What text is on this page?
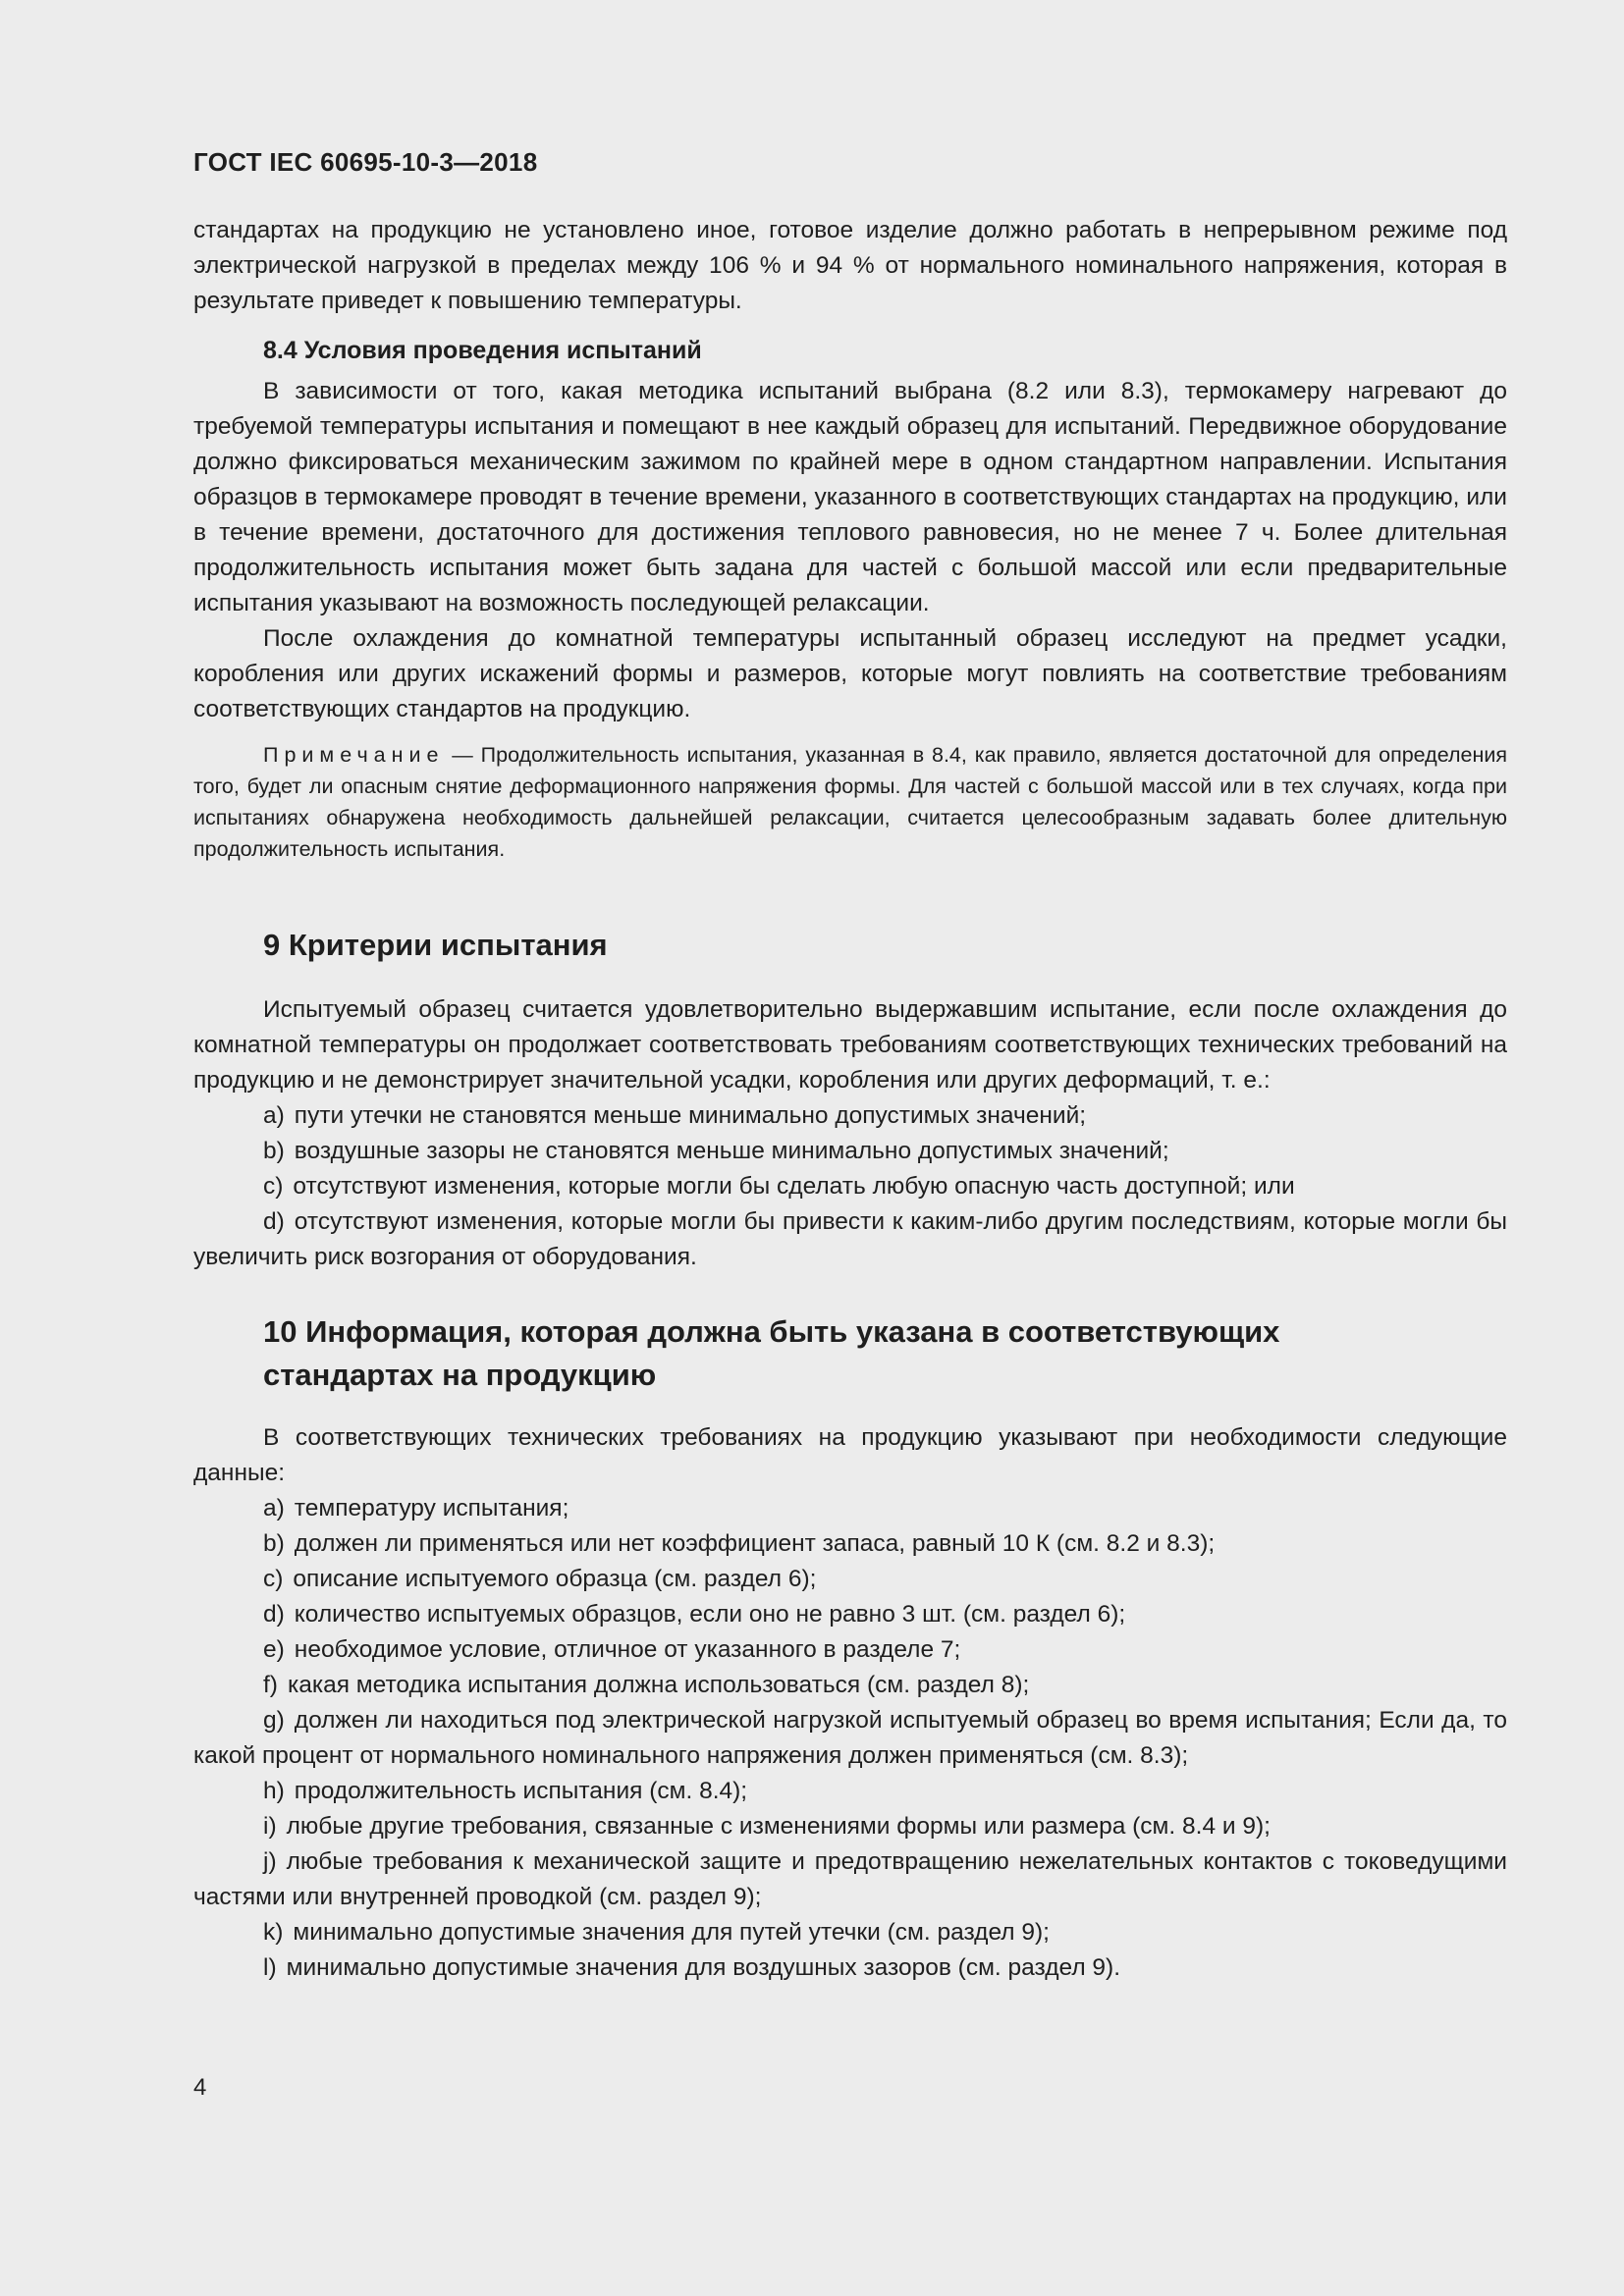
ГОСТ IEC 60695-10-3—2018

стандартах на продукцию не установлено иное, готовое изделие должно работать в непрерывном режиме под электрической нагрузкой в пределах между 106 % и 94 % от нормального номинального напряжения, которая в результате приведет к повышению температуры.

8.4 Условия проведения испытаний

В зависимости от того, какая методика испытаний выбрана (8.2 или 8.3), термокамеру нагревают до требуемой температуры испытания и помещают в нее каждый образец для испытаний. Передвижное оборудование должно фиксироваться механическим зажимом по крайней мере в одном стандартном направлении. Испытания образцов в термокамере проводят в течение времени, указанного в соответствующих стандартах на продукцию, или в течение времени, достаточного для достижения теплового равновесия, но не менее 7 ч. Более длительная продолжительность испытания может быть задана для частей с большой массой или если предварительные испытания указывают на возможность последующей релаксации.

После охлаждения до комнатной температуры испытанный образец исследуют на предмет усадки, коробления или других искажений формы и размеров, которые могут повлиять на соответствие требованиям соответствующих стандартов на продукцию.

Примечание — Продолжительность испытания, указанная в 8.4, как правило, является достаточной для определения того, будет ли опасным снятие деформационного напряжения формы. Для частей с большой массой или в тех случаях, когда при испытаниях обнаружена необходимость дальнейшей релаксации, считается целесообразным задавать более длительную продолжительность испытания.

9 Критерии испытания

Испытуемый образец считается удовлетворительно выдержавшим испытание, если после охлаждения до комнатной температуры он продолжает соответствовать требованиям соответствующих технических требований на продукцию и не демонстрирует значительной усадки, коробления или других деформаций, т. е.:

a) пути утечки не становятся меньше минимально допустимых значений;

b) воздушные зазоры не становятся меньше минимально допустимых значений;

c) отсутствуют изменения, которые могли бы сделать любую опасную часть доступной; или

d) отсутствуют изменения, которые могли бы привести к каким-либо другим последствиям, которые могли бы увеличить риск возгорания от оборудования.

10 Информация, которая должна быть указана в соответствующих
стандартах на продукцию

В соответствующих технических требованиях на продукцию указывают при необходимости следующие данные:

a) температуру испытания;

b) должен ли применяться или нет коэффициент запаса, равный 10 К (см. 8.2 и 8.3);

c) описание испытуемого образца (см. раздел 6);

d) количество испытуемых образцов, если оно не равно 3 шт. (см. раздел 6);

e) необходимое условие, отличное от указанного в разделе 7;

f) какая методика испытания должна использоваться (см. раздел 8);

g) должен ли находиться под электрической нагрузкой испытуемый образец во время испытания; Если да, то какой процент от нормального номинального напряжения должен применяться (см. 8.3);

h) продолжительность испытания (см. 8.4);

i) любые другие требования, связанные с изменениями формы или размера (см. 8.4 и 9);

j) любые требования к механической защите и предотвращению нежелательных контактов с токоведущими частями или внутренней проводкой (см. раздел 9);

k) минимально допустимые значения для путей утечки (см. раздел 9);

l) минимально допустимые значения для воздушных зазоров (см. раздел 9).

4
